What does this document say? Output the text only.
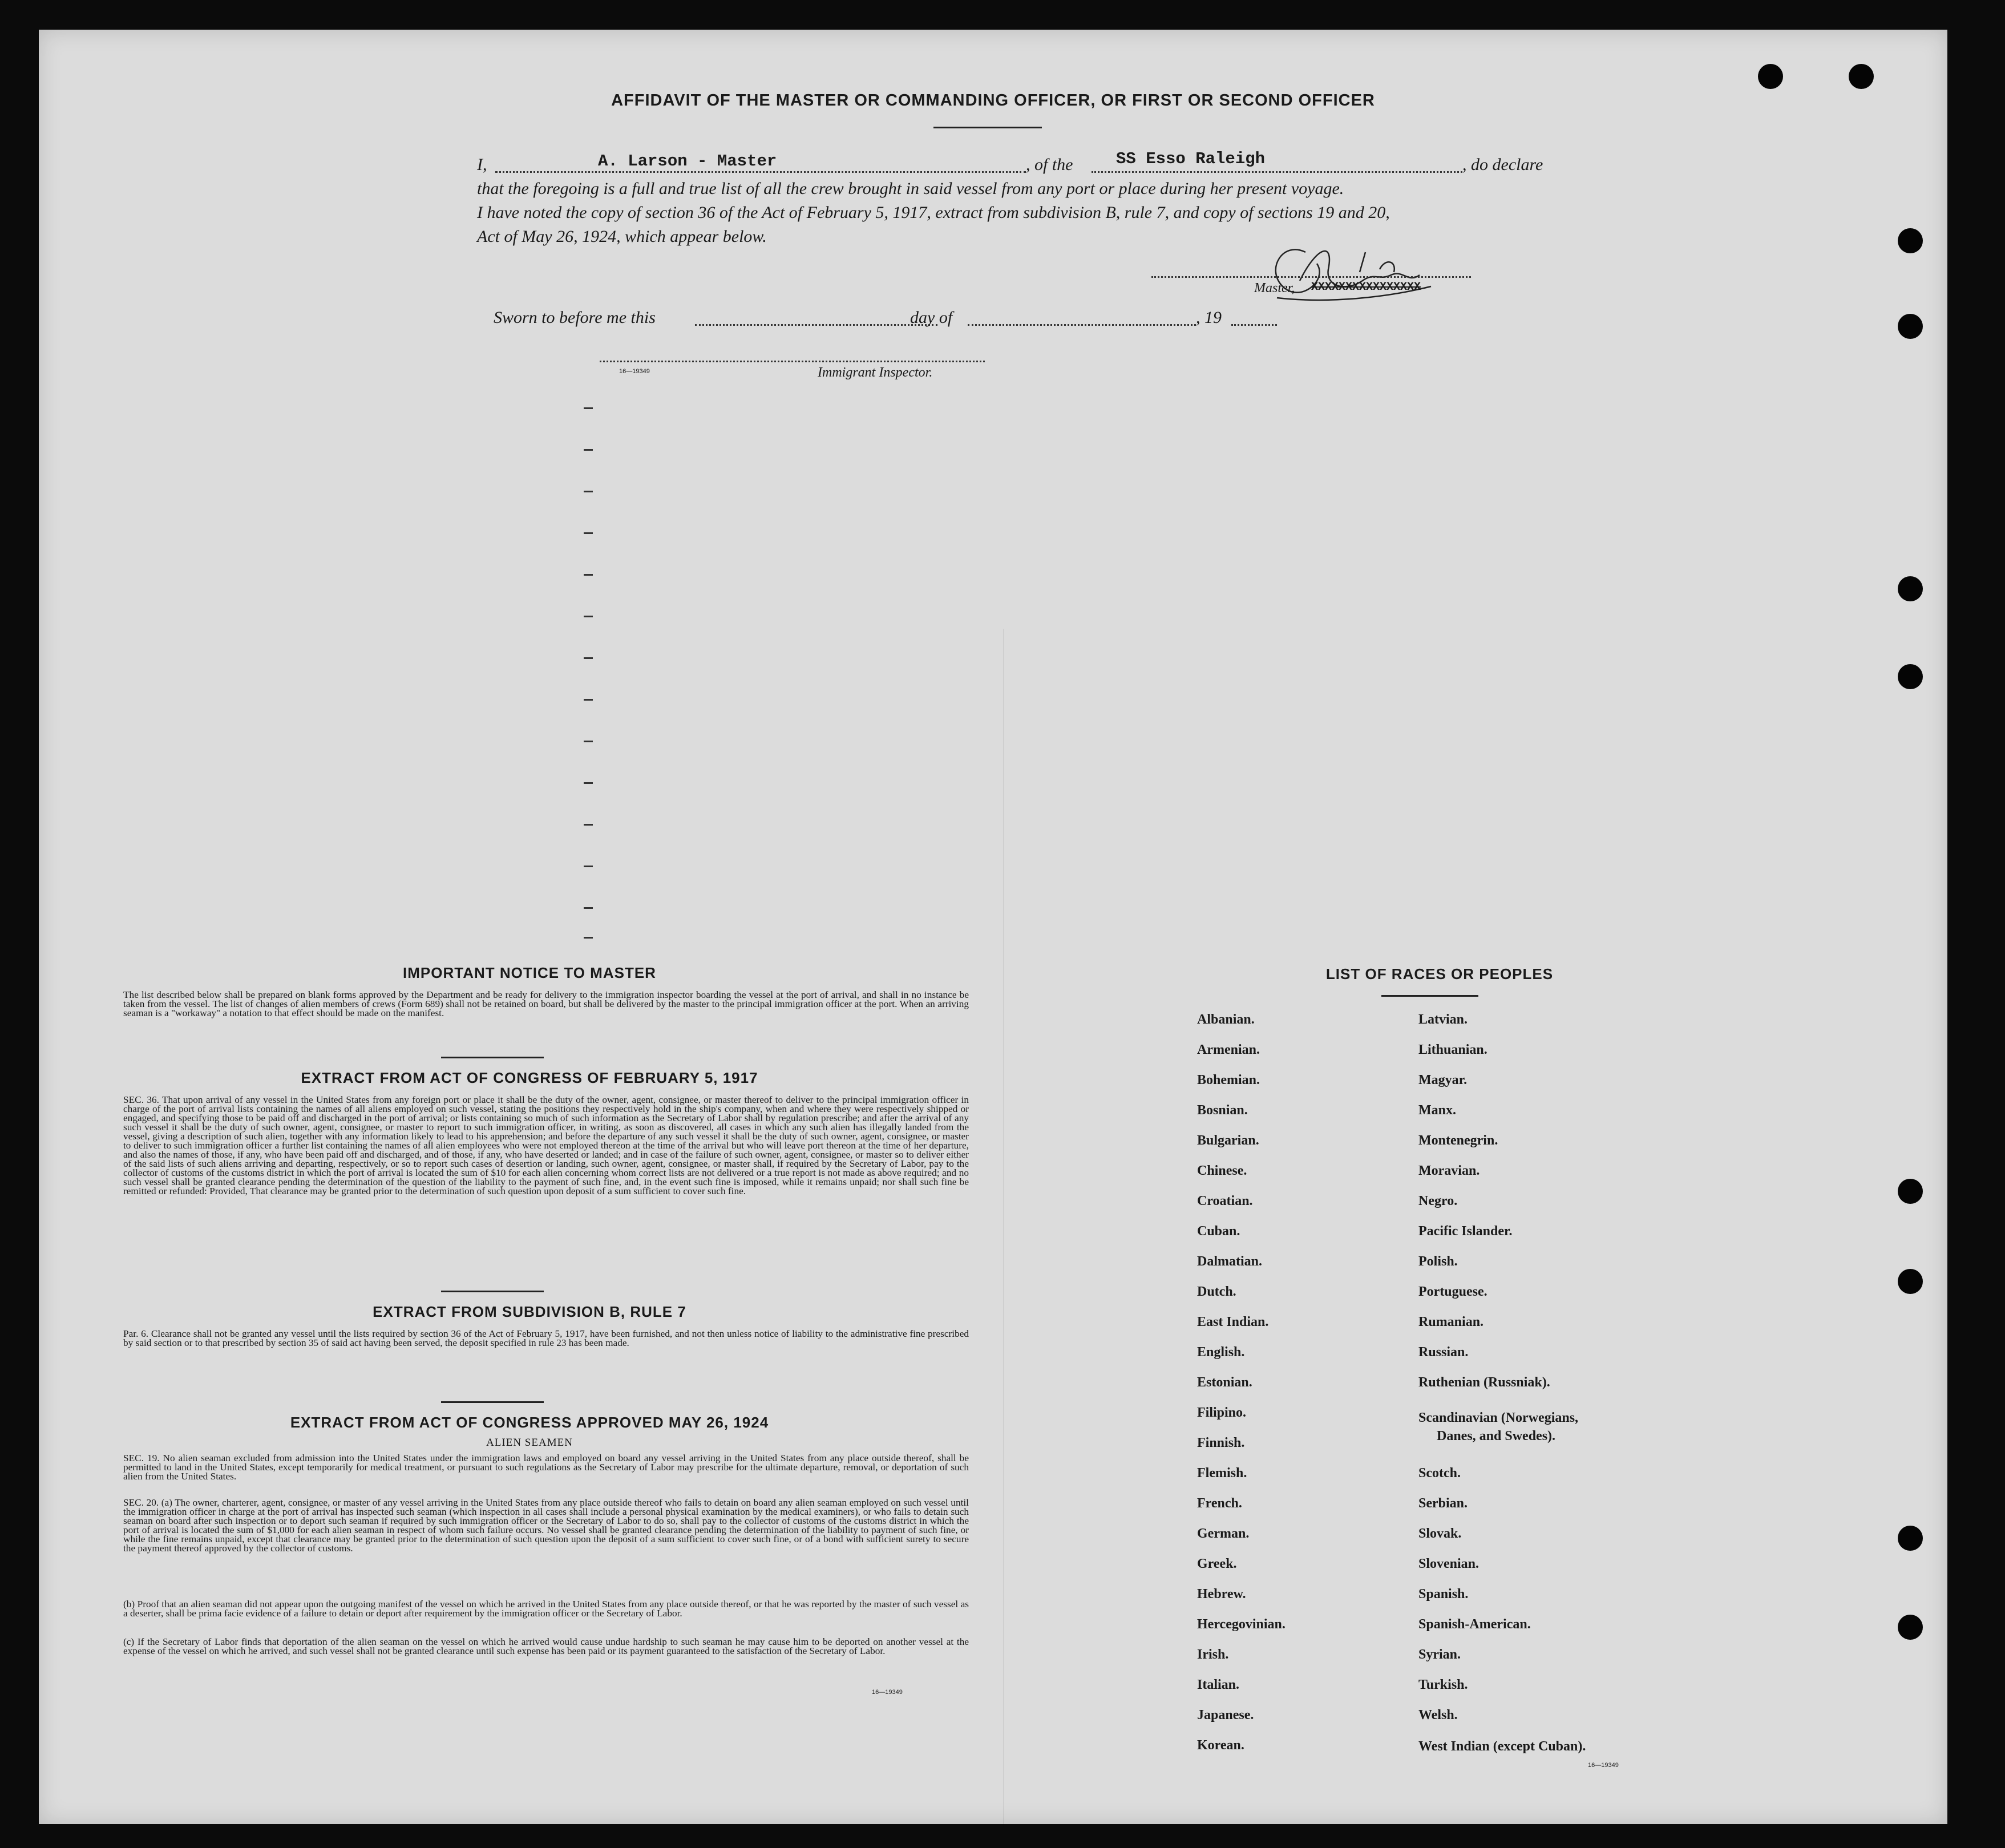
AFFIDAVIT OF THE MASTER OR COMMANDING OFFICER, OR FIRST OR SECOND OFFICER
I,	A. Larson - Master	, of the	SS Esso Raleigh	, do declare
that the foregoing is a full and true list of all the crew brought in said vessel from any port or place during her present voyage.
I have noted the copy of section 36 of the Act of February 5, 1917, extract from subdivision B, rule 7, and copy of sections 19 and 20,
Act of May 26, 1924, which appear below.
Master, XXXXXXXXXXXXXXXX
Sworn to before me this	day of	, 19
16—19349	Immigrant Inspector.
IMPORTANT NOTICE TO MASTER
The list described below shall be prepared on blank forms approved by the Department and be ready for delivery to the immigration inspector boarding the vessel at the port of arrival, and shall in no instance be taken from the vessel. The list of changes of alien members of crews (Form 689) shall not be retained on board, but shall be delivered by the master to the principal immigration officer at the port. When an arriving seaman is a "workaway" a notation to that effect should be made on the manifest.
EXTRACT FROM ACT OF CONGRESS OF FEBRUARY 5, 1917
SEC. 36. That upon arrival of any vessel in the United States from any foreign port or place it shall be the duty of the owner, agent, consignee, or master thereof to deliver to the principal immigration officer in charge of the port of arrival lists containing the names of all aliens employed on such vessel, stating the positions they respectively hold in the ship's company, when and where they were respectively shipped or engaged, and specifying those to be paid off and discharged in the port of arrival; or lists containing so much of such information as the Secretary of Labor shall by regulation prescribe; and after the arrival of any such vessel it shall be the duty of such owner, agent, consignee, or master to report to such immigration officer, in writing, as soon as discovered, all cases in which any such alien has illegally landed from the vessel, giving a description of such alien, together with any information likely to lead to his apprehension; and before the departure of any such vessel it shall be the duty of such owner, agent, consignee, or master to deliver to such immigration officer a further list containing the names of all alien employees who were not employed thereon at the time of the arrival but who will leave port thereon at the time of her departure, and also the names of those, if any, who have been paid off and discharged, and of those, if any, who have deserted or landed; and in case of the failure of such owner, agent, consignee, or master so to deliver either of the said lists of such aliens arriving and departing, respectively, or so to report such cases of desertion or landing, such owner, agent, consignee, or master shall, if required by the Secretary of Labor, pay to the collector of customs of the customs district in which the port of arrival is located the sum of $10 for each alien concerning whom correct lists are not delivered or a true report is not made as above required; and no such vessel shall be granted clearance pending the determination of the question of the liability to the payment of such fine, and, in the event such fine is imposed, while it remains unpaid; nor shall such fine be remitted or refunded: Provided, That clearance may be granted prior to the determination of such question upon deposit of a sum sufficient to cover such fine.
EXTRACT FROM SUBDIVISION B, RULE 7
Par. 6. Clearance shall not be granted any vessel until the lists required by section 36 of the Act of February 5, 1917, have been furnished, and not then unless notice of liability to the administrative fine prescribed by said section or to that prescribed by section 35 of said act having been served, the deposit specified in rule 23 has been made.
EXTRACT FROM ACT OF CONGRESS APPROVED MAY 26, 1924
ALIEN SEAMEN
SEC. 19. No alien seaman excluded from admission into the United States under the immigration laws and employed on board any vessel arriving in the United States from any place outside thereof, shall be permitted to land in the United States, except temporarily for medical treatment, or pursuant to such regulations as the Secretary of Labor may prescribe for the ultimate departure, removal, or deportation of such alien from the United States.
SEC. 20. (a) The owner, charterer, agent, consignee, or master of any vessel arriving in the United States from any place outside thereof who fails to detain on board any alien seaman employed on such vessel until the immigration officer in charge at the port of arrival has inspected such seaman (which inspection in all cases shall include a personal physical examination by the medical examiners), or who fails to detain such seaman on board after such inspection or to deport such seaman if required by such immigration officer or the Secretary of Labor to do so, shall pay to the collector of customs of the customs district in which the port of arrival is located the sum of $1,000 for each alien seaman in respect of whom such failure occurs. No vessel shall be granted clearance pending the determination of the liability to payment of such fine, or while the fine remains unpaid, except that clearance may be granted prior to the determination of such question upon the deposit of a sum sufficient to cover such fine, or of a bond with sufficient surety to secure the payment thereof approved by the collector of customs.
(b) Proof that an alien seaman did not appear upon the outgoing manifest of the vessel on which he arrived in the United States from any place outside thereof, or that he was reported by the master of such vessel as a deserter, shall be prima facie evidence of a failure to detain or deport after requirement by the immigration officer or the Secretary of Labor.
(c) If the Secretary of Labor finds that deportation of the alien seaman on the vessel on which he arrived would cause undue hardship to such seaman he may cause him to be deported on another vessel at the expense of the vessel on which he arrived, and such vessel shall not be granted clearance until such expense has been paid or its payment guaranteed to the satisfaction of the Secretary of Labor.
16—19349
LIST OF RACES OR PEOPLES
Albanian.
Armenian.
Bohemian.
Bosnian.
Bulgarian.
Chinese.
Croatian.
Cuban.
Dalmatian.
Dutch.
East Indian.
English.
Estonian.
Filipino.
Finnish.
Flemish.
French.
German.
Greek.
Hebrew.
Hercegovinian.
Irish.
Italian.
Japanese.
Korean.
Latvian.
Lithuanian.
Magyar.
Manx.
Montenegrin.
Moravian.
Negro.
Pacific Islander.
Polish.
Portuguese.
Rumanian.
Russian.
Ruthenian (Russniak).
Scandinavian (Norwegians,
Danes, and Swedes).
Scotch.
Serbian.
Slovak.
Slovenian.
Spanish.
Spanish-American.
Syrian.
Turkish.
Welsh.
West Indian (except Cuban).
16—19349
